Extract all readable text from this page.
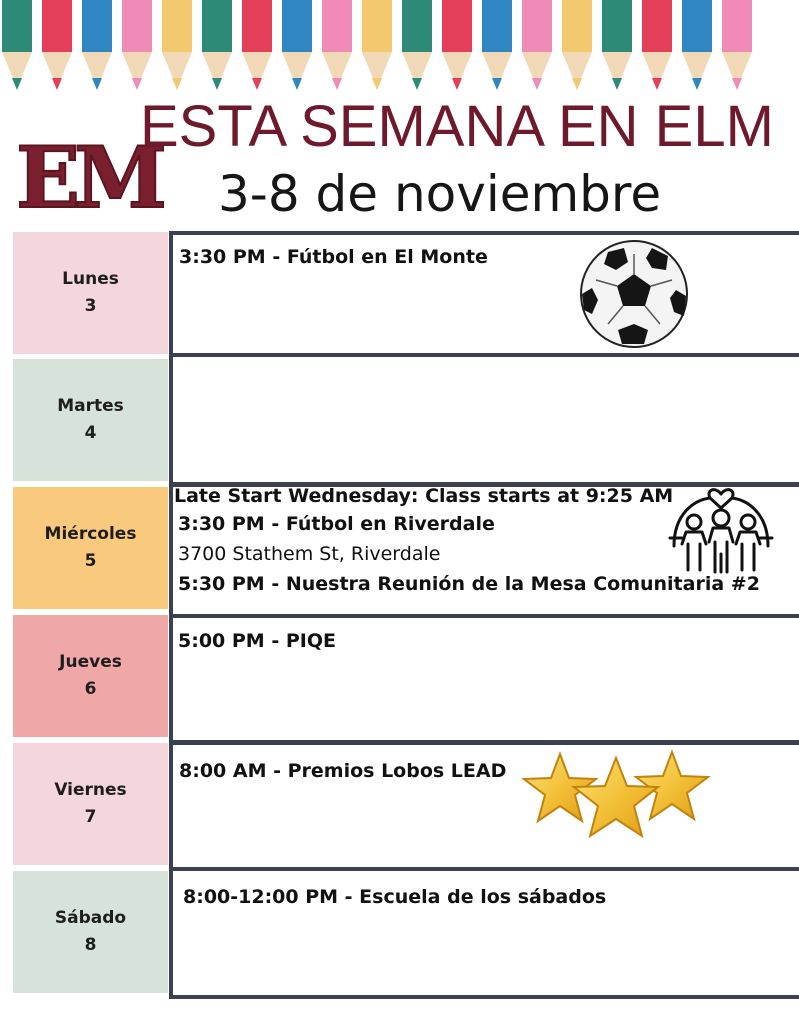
EM
ESTA SEMANA EN ELM
3-8 de noviembre
Lunes
3
Martes
4
Miércoles
5
Jueves
6
Viernes
7
Sábado
8
3:30 PM - Fútbol en El Monte
Late Start Wednesday: Class starts at 9:25 AM
3:30 PM - Fútbol en Riverdale
3700 Stathem St, Riverdale
5:30 PM - Nuestra Reunión de la Mesa Comunitaria #2
5:00 PM - PIQE
8:00 AM - Premios Lobos LEAD
8:00-12:00 PM - Escuela de los sábados
